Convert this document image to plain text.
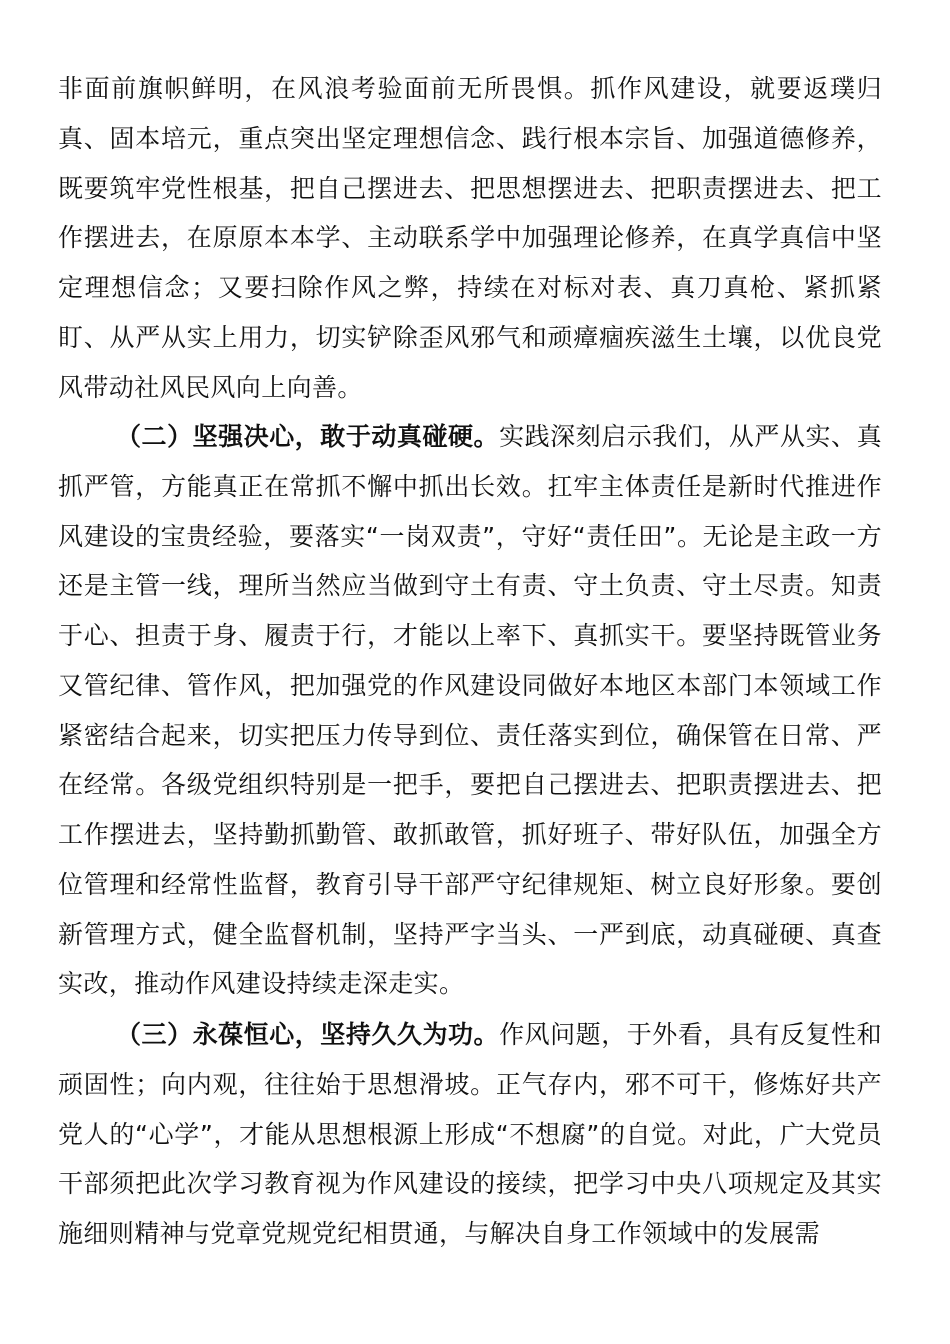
非面前旗帜鲜明，在风浪考验面前无所畏惧。抓作风建设，就要返璞归真、固本培元，重点突出坚定理想信念、践行根本宗旨、加强道德修养，既要筑牢党性根基，把自己摆进去、把思想摆进去、把职责摆进去、把工作摆进去，在原原本本学、主动联系学中加强理论修养，在真学真信中坚定理想信念；又要扫除作风之弊，持续在对标对表、真刀真枪、紧抓紧盯、从严从实上用力，切实铲除歪风邪气和顽瘴痼疾滋生土壤，以优良党风带动社风民风向上向善。

（二）坚强决心，敢于动真碰硬。实践深刻启示我们，从严从实、真抓严管，方能真正在常抓不懈中抓出长效。扛牢主体责任是新时代推进作风建设的宝贵经验，要落实“一岗双责”，守好“责任田”。无论是主政一方还是主管一线，理所当然应当做到守土有责、守土负责、守土尽责。知责于心、担责于身、履责于行，才能以上率下、真抓实干。要坚持既管业务又管纪律、管作风，把加强党的作风建设同做好本地区本部门本领域工作紧密结合起来，切实把压力传导到位、责任落实到位，确保管在日常、严在经常。各级党组织特别是一把手，要把自己摆进去、把职责摆进去、把工作摆进去，坚持勤抓勤管、敢抓敢管，抓好班子、带好队伍，加强全方位管理和经常性监督，教育引导干部严守纪律规矩、树立良好形象。要创新管理方式，健全监督机制，坚持严字当头、一严到底，动真碰硬、真查实改，推动作风建设持续走深走实。

（三）永葆恒心，坚持久久为功。作风问题，于外看，具有反复性和顽固性；向内观，往往始于思想滑坡。正气存内，邪不可干，修炼好共产党人的“心学”，才能从思想根源上形成“不想腐”的自觉。对此，广大党员干部须把此次学习教育视为作风建设的接续，把学习中央八项规定及其实施细则精神与党章党规党纪相贯通，与解决自身工作领域中的发展需
